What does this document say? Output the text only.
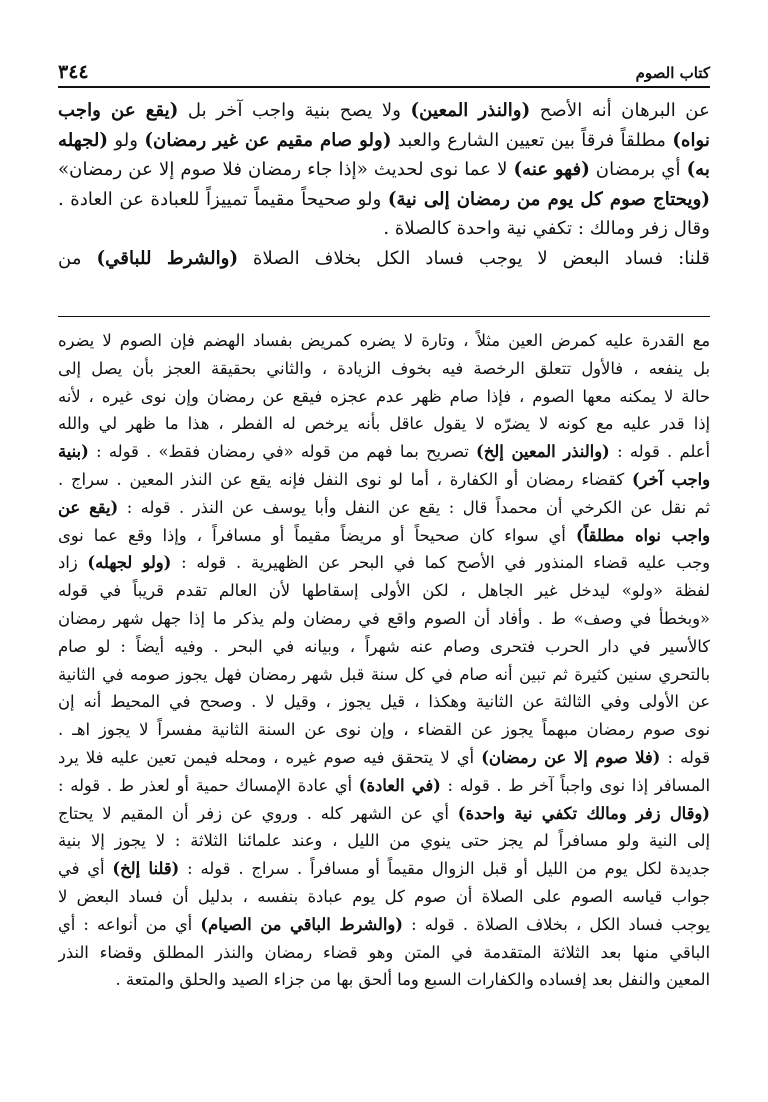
كتاب الصوم
٣٤٤
عن البرهان أنه الأصح (والنذر المعين) ولا يصح بنية واجب آخر بل (يقع عن واجب
نواه) مطلقاً فرقاً بين تعيين الشارع والعبد (ولو صام مقيم عن غير رمضان) ولو (لجهله
به) أي برمضان (فهو عنه) لا عما نوى لحديث «إذا جاء رمضان فلا صوم إلا عن رمضان»
(ويحتاج صوم كل يوم من رمضان إلى نية) ولو صحيحاً مقيماً تمييزاً للعبادة عن العادة .
وقال زفر ومالك : تكفي نية واحدة كالصلاة .
قلنا: فساد البعض لا يوجب فساد الكل بخلاف الصلاة (والشرط للباقي) من
مع القدرة عليه كمرض العين مثلاً ، وتارة لا يضره كمريض بفساد الهضم فإن الصوم لا يضره
بل ينفعه ، فالأول تتعلق الرخصة فيه بخوف الزيادة ، والثاني بحقيقة العجز بأن يصل إلى
حالة لا يمكنه معها الصوم ، فإذا صام ظهر عدم عجزه فيقع عن رمضان وإن نوى غيره ، لأنه
إذا قدر عليه مع كونه لا يضرّه لا يقول عاقل بأنه يرخص له الفطر ، هذا ما ظهر لي والله
أعلم . قوله : (والنذر المعين إلخ) تصريح بما فهم من قوله «في رمضان فقط» . قوله : (بنية
واجب آخر) كقضاء رمضان أو الكفارة ، أما لو نوى النفل فإنه يقع عن النذر المعين . سراج .
ثم نقل عن الكرخي أن محمداً قال : يقع عن النفل وأبا يوسف عن النذر . قوله : (يقع عن
واجب نواه مطلقاً) أي سواء كان صحيحاً أو مريضاً مقيماً أو مسافراً ، وإذا وقع عما نوى
وجب عليه قضاء المنذور في الأصح كما في البحر عن الظهيرية . قوله : (ولو لجهله) زاد
لفظة «ولو» ليدخل غير الجاهل ، لكن الأولى إسقاطها لأن العالم تقدم قريباً في قوله
«وبخطأ في وصف» ط . وأفاد أن الصوم واقع في رمضان ولم يذكر ما إذا جهل شهر رمضان
كالأسير في دار الحرب فتحرى وصام عنه شهراً ، وبيانه في البحر . وفيه أيضاً : لو صام
بالتحري سنين كثيرة ثم تبين أنه صام في كل سنة قبل شهر رمضان فهل يجوز صومه في الثانية
عن الأولى وفي الثالثة عن الثانية وهكذا ، قيل يجوز ، وقيل لا . وصحح في المحيط أنه إن
نوى صوم رمضان مبهماً يجوز عن القضاء ، وإن نوى عن السنة الثانية مفسراً لا يجوز اهـ .
قوله : (فلا صوم إلا عن رمضان) أي لا يتحقق فيه صوم غيره ، ومحله فيمن تعين عليه فلا يرد
المسافر إذا نوى واجباً آخر ط . قوله : (في العادة) أي عادة الإمساك حمية أو لعذر ط . قوله :
(وقال زفر ومالك تكفي نية واحدة) أي عن الشهر كله . وروي عن زفر أن المقيم لا يحتاج
إلى النية ولو مسافراً لم يجز حتى ينوي من الليل ، وعند علمائنا الثلاثة : لا يجوز إلا بنية
جديدة لكل يوم من الليل أو قبل الزوال مقيماً أو مسافراً . سراج . قوله : (قلنا إلخ) أي في
جواب قياسه الصوم على الصلاة أن صوم كل يوم عبادة بنفسه ، بدليل أن فساد البعض لا
يوجب فساد الكل ، بخلاف الصلاة . قوله : (والشرط الباقي من الصيام) أي من أنواعه : أي
الباقي منها بعد الثلاثة المتقدمة في المتن وهو قضاء رمضان والنذر المطلق وقضاء النذر
المعين والنفل بعد إفساده والكفارات السبع وما ألحق بها من جزاء الصيد والحلق والمتعة .
